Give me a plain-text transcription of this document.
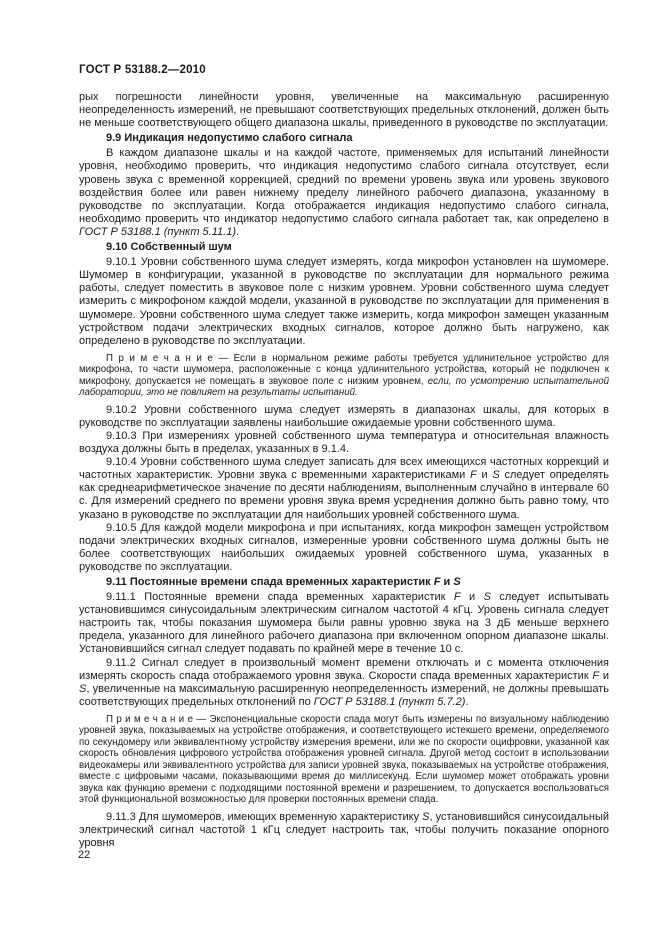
ГОСТ Р 53188.2—2010

рых погрешности линейности уровня, увеличенные на максимальную расширенную неопределенность измерений, не превышают соответствующих предельных отклонений, должен быть не меньше соответствующего общего диапазона шкалы, приведенного в руководстве по эксплуатации.

9.9 Индикация недопустимо слабого сигнала

В каждом диапазоне шкалы и на каждой частоте, применяемых для испытаний линейности уровня, необходимо проверить, что индикация недопустимо слабого сигнала отсутствует, если уровень звука с временной коррекцией, средний по времени уровень звука или уровень звукового воздействия более или равен нижнему пределу линейного рабочего диапазона, указанному в руководстве по эксплуатации. Когда отображается индикация недопустимо слабого сигнала, необходимо проверить что индикатор недопустимо слабого сигнала работает так, как определено в ГОСТ Р 53188.1 (пункт 5.11.1).

9.10 Собственный шум

9.10.1 Уровни собственного шума следует измерять, когда микрофон установлен на шумомере. Шумомер в конфигурации, указанной в руководстве по эксплуатации для нормального режима работы, следует поместить в звуковое поле с низким уровнем. Уровни собственного шума следует измерить с микрофоном каждой модели, указанной в руководстве по эксплуатации для применения в шумомере. Уровни собственного шума следует также измерить, когда микрофон замещен указанным устройством подачи электрических входных сигналов, которое должно быть нагружено, как определено в руководстве по эксплуатации.

П р и м е ч а н и е — Если в нормальном режиме работы требуется удлинительное устройство для микрофона, то части шумомера, расположенные с конца удлинительного устройства, который не подключен к микрофону, допускается не помещать в звуковое поле с низким уровнем, если, по усмотрению испытательной лаборатории, это не повлияет на результаты испытаний.

9.10.2 Уровни собственного шума следует измерять в диапазонах шкалы, для которых в руководстве по эксплуатации заявлены наибольшие ожидаемые уровни собственного шума.

9.10.3 При измерениях уровней собственного шума температура и относительная влажность воздуха должны быть в пределах, указанных в 9.1.4.

9.10.4 Уровни собственного шума следует записать для всех имеющихся частотных коррекций и частотных характеристик. Уровни звука с временными характеристиками F и S следует определять как среднеарифметическое значение по десяти наблюдениям, выполненным случайно в интервале 60 с. Для измерений среднего по времени уровня звука время усреднения должно быть равно тому, что указано в руководстве по эксплуатации для наибольших уровней собственного шума.

9.10.5 Для каждой модели микрофона и при испытаниях, когда микрофон замещен устройством подачи электрических входных сигналов, измеренные уровни собственного шума должны быть не более соответствующих наибольших ожидаемых уровней собственного шума, указанных в руководстве по эксплуатации.

9.11 Постоянные времени спада временных характеристик F и S

9.11.1 Постоянные времени спада временных характеристик F и S следует испытывать установившимся синусоидальным электрическим сигналом частотой 4 кГц. Уровень сигнала следует настроить так, чтобы показания шумомера были равны уровню звука на 3 дБ меньше верхнего предела, указанного для линейного рабочего диапазона при включенном опорном диапазоне шкалы. Установившийся сигнал следует подавать по крайней мере в течение 10 с.

9.11.2 Сигнал следует в произвольный момент времени отключать и с момента отключения измерять скорость спада отображаемого уровня звука. Скорости спада временных характеристик F и S, увеличенные на максимальную расширенную неопределенность измерений, не должны превышать соответствующих предельных отклонений по ГОСТ Р 53188.1 (пункт 5.7.2).

П р и м е ч а н и е — Экспоненциальные скорости спада могут быть измерены по визуальному наблюдению уровней звука, показываемых на устройстве отображения, и соответствующего истекшего времени, определяемого по секундомеру или эквивалентному устройству измерения времени, или же по скорости оцифровки, указанной как скорость обновления цифрового устройства отображения уровней сигнала. Другой метод состоит в использовании видеокамеры или эквивалентного устройства для записи уровней звука, показываемых на устройстве отображения, вместе с цифровыми часами, показывающими время до миллисекунд. Если шумомер может отображать уровни звука как функцию времени с подходящими постоянной времени и разрешением, то допускается воспользоваться этой функциональной возможностью для проверки постоянных времени спада.

9.11.3 Для шумомеров, имеющих временную характеристику S, установившийся синусоидальный электрический сигнал частотой 1 кГц следует настроить так, чтобы получить показание опорного уровня

22
